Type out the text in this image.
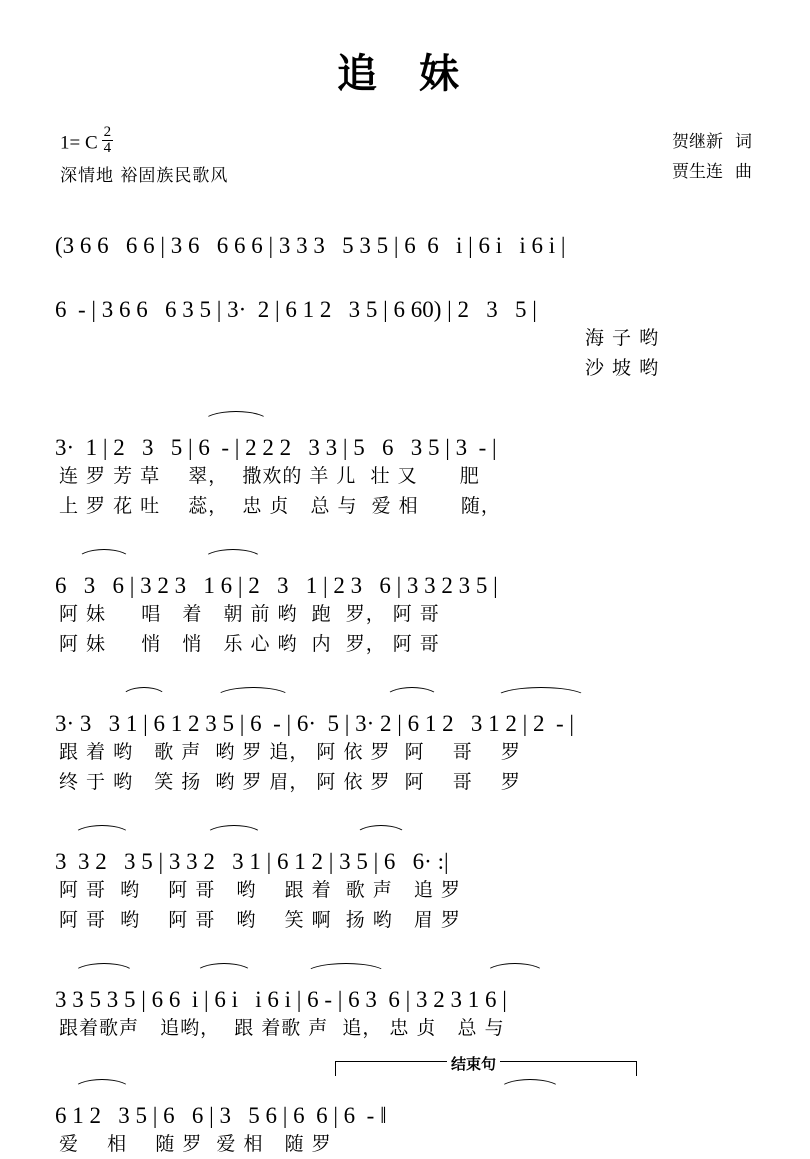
追 妹
1= C $\frac{2}{4}$
深情地 裕固族民歌风
贺继新 词
贾生连 曲
(3 6 6   6 6 | 3 6   6 6 6 | 3 3 3   5 3 5 | 6  6   i | 6 i   i 6 i |
6  - | 3 6 6   6 3 5 | 3·  2 | 6 1 2   3 5 | 6 60) | 2   3   5 |
海 子 哟
沙 坡 哟
3·  1 | 2   3   5 | 6  - | 2 2 2   3 3 | 5   6   3 5 | 3  - |
连 罗 芳 草    翠，  撒欢的 羊 儿  壮 又      肥
上 罗 花 吐    蕊，  忠 贞   总 与  爱 相      随，
6   3   6 | 3 2 3   1 6 | 2   3   1 | 2 3   6 | 3 3 2 3 5 |
阿 妹     唱   着   朝 前 哟  跑  罗， 阿 哥
阿 妹     悄   悄   乐 心 哟  内  罗， 阿 哥
3· 3   3 1 | 6 1 2 3 5 | 6  - | 6·  5 | 3· 2 | 6 1 2   3 1 2 | 2  - |
跟 着 哟   歌 声  哟 罗 追， 阿 依 罗  阿    哥    罗
终 于 哟   笑 扬  哟 罗 眉， 阿 依 罗  阿    哥    罗
3  3 2   3 5 | 3 3 2   3 1 | 6 1 2 | 3 5 | 6   6· :|
阿 哥  哟    阿 哥   哟    跟 着  歌 声   追 罗
阿 哥  哟    阿 哥   哟    笑 啊  扬 哟   眉 罗
3 3 5 3 5 | 6 6  i | 6 i   i 6 i | 6 - | 6 3  6 | 3 2 3 1 6 |
跟着歌声   追哟，  跟 着歌 声  追， 忠 贞   总 与
结束句
6 1 2   3 5 | 6   6 | 3   5 6 | 6  6 | 6  - ‖
爱    相    随 罗  爱 相   随 罗
